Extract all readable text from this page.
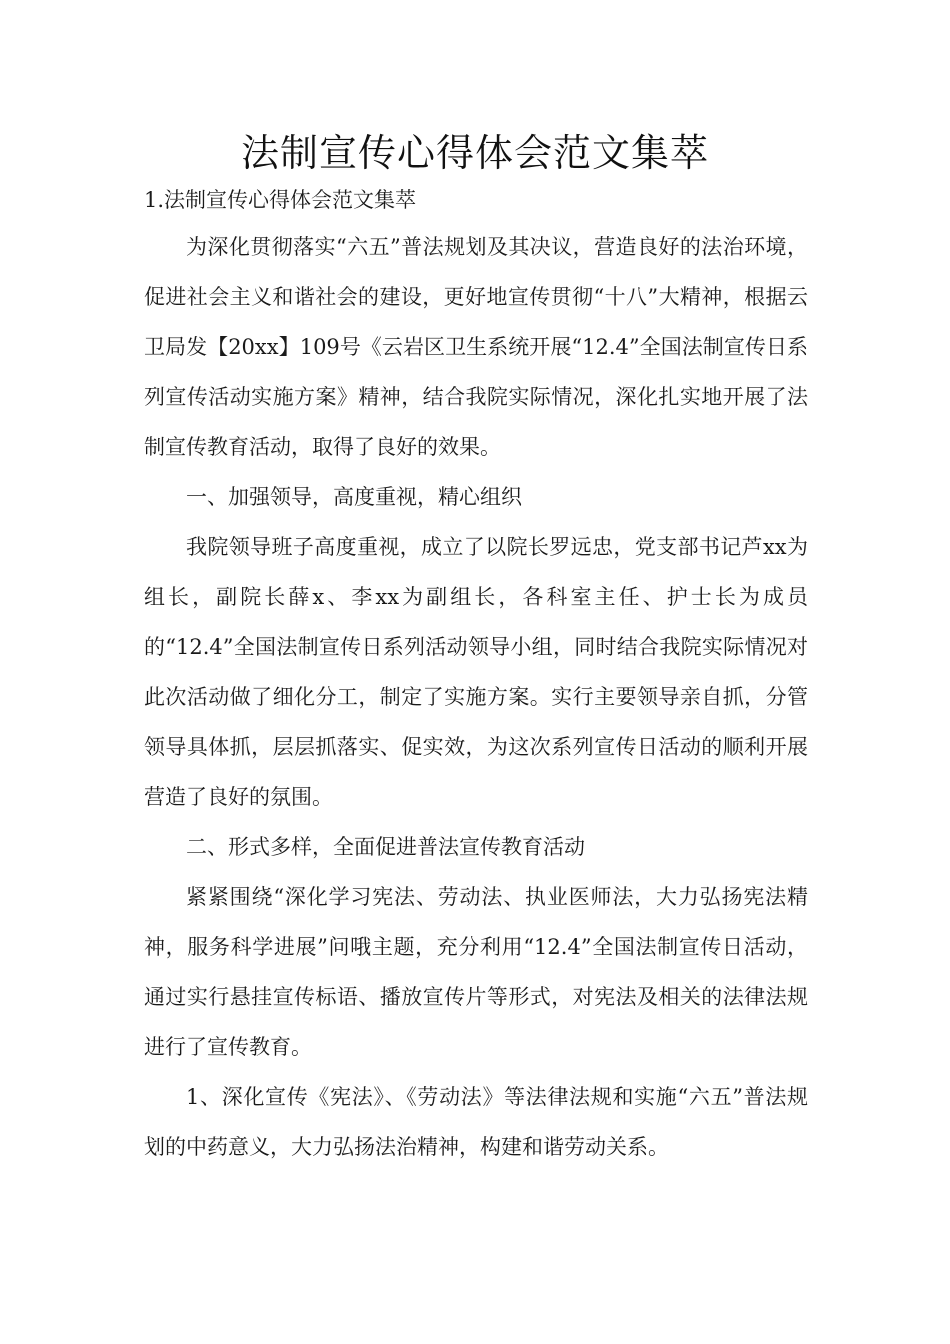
法制宣传心得体会范文集萃

1.法制宣传心得体会范文集萃

为深化贯彻落实“六五”普法规划及其决议，营造良好的法治环境，促进社会主义和谐社会的建设，更好地宣传贯彻“十八”大精神，根据云卫局发【20xx】109号《云岩区卫生系统开展“12.4”全国法制宣传日系列宣传活动实施方案》精神，结合我院实际情况，深化扎实地开展了法制宣传教育活动，取得了良好的效果。

一、加强领导，高度重视，精心组织

我院领导班子高度重视，成立了以院长罗远忠，党支部书记芦xx为组长，副院长薛x、李xx为副组长，各科室主任、护士长为成员的“12.4”全国法制宣传日系列活动领导小组，同时结合我院实际情况对此次活动做了细化分工，制定了实施方案。实行主要领导亲自抓，分管领导具体抓，层层抓落实、促实效，为这次系列宣传日活动的顺利开展营造了良好的氛围。

二、形式多样，全面促进普法宣传教育活动

紧紧围绕“深化学习宪法、劳动法、执业医师法，大力弘扬宪法精神，服务科学进展”问哦主题，充分利用“12.4”全国法制宣传日活动，通过实行悬挂宣传标语、播放宣传片等形式，对宪法及相关的法律法规进行了宣传教育。

1、深化宣传《宪法》、《劳动法》等法律法规和实施“六五”普法规划的中药意义，大力弘扬法治精神，构建和谐劳动关系。
